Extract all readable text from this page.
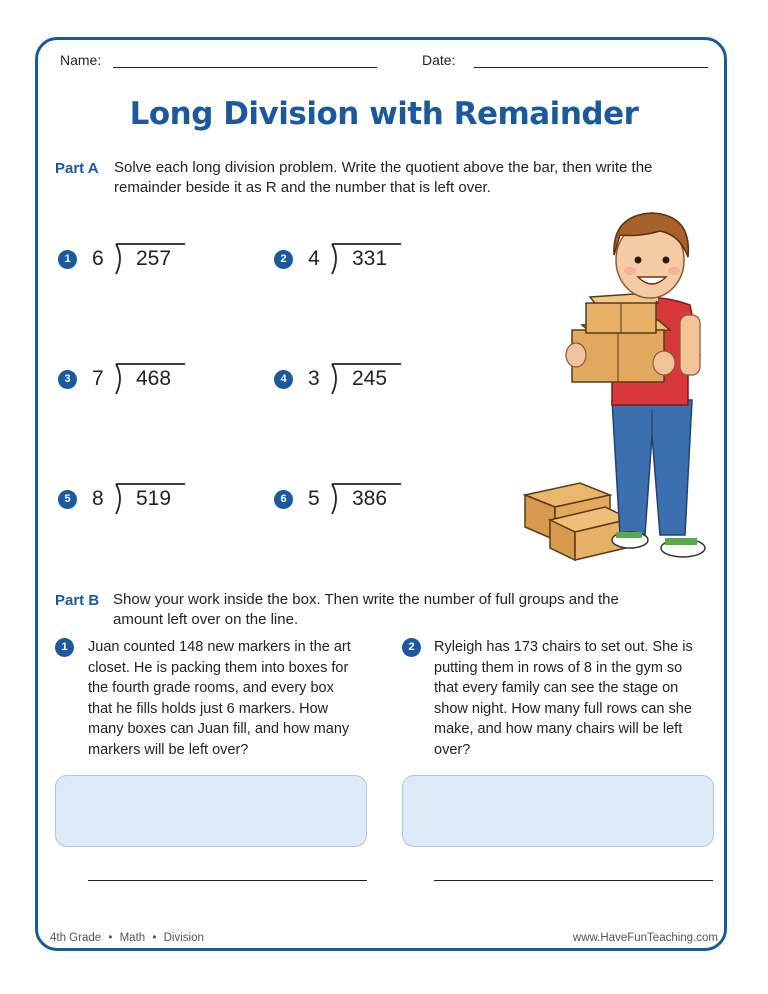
Name:	Date:
Long Division with Remainder
Part A Solve each long division problem. Write the quotient above the bar, then write the
remainder beside it as R and the number that is left over.
1	6 257	2	4 331
3	7 468	4	3 245
5	8 519	6	5 386
Part B Show your work inside the box. Then write the number of full groups and the
amount left over on the line.
1	Juan counted 148 new markers in the art
closet. He is packing them into boxes for
the fourth grade rooms, and every box
that he fills holds just 6 markers. How
many boxes can Juan fill, and how many
markers will be left over?
2	Ryleigh has 173 chairs to set out. She is
putting them in rows of 8 in the gym so
that every family can see the stage on
show night. How many full rows can she
make, and how many chairs will be left
over?
4th Grade • Math • Division	www.HaveFunTeaching.com
